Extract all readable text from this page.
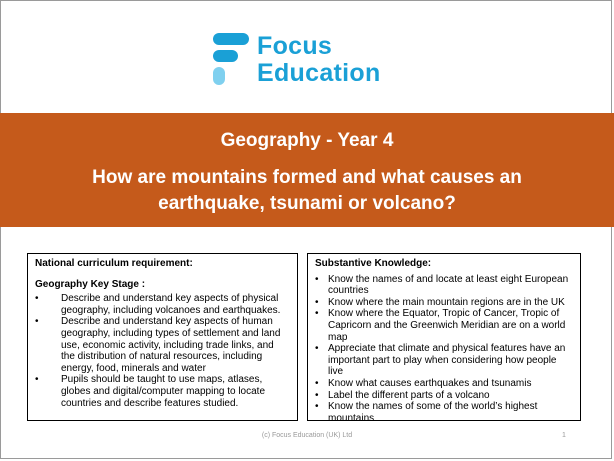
Focus
Education
Geography - Year 4
How are mountains formed and what causes an earthquake, tsunami or volcano?
National curriculum requirement:
Geography Key Stage :
• Describe and understand key aspects of physical geography, including volcanoes and earthquakes.
• Describe and understand key aspects of human geography, including types of settlement and land use, economic activity, including trade links, and the distribution of natural resources, including energy, food, minerals and water
• Pupils should be taught to use maps, atlases, globes and digital/computer mapping to locate countries and describe features studied.
Substantive Knowledge:
• Know the names of and locate at least eight European countries
• Know where the main mountain regions are in the UK
• Know where the Equator, Tropic of Cancer, Tropic of Capricorn and the Greenwich Meridian are on a world map
• Appreciate that climate and physical features have an important part to play when considering how people live
• Know what causes earthquakes and tsunamis
• Label the different parts of a volcano
• Know the names of some of the world’s highest mountains
(c) Focus Education (UK) Ltd	1
